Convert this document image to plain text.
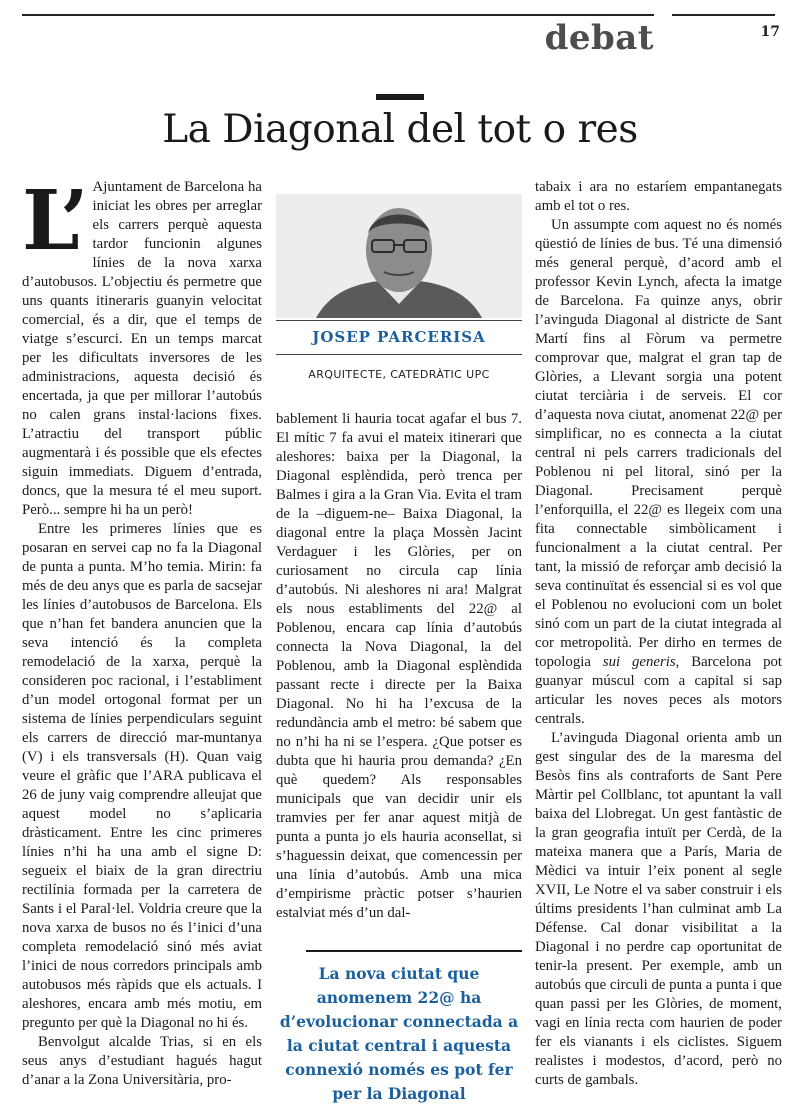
debat	17
La Diagonal del tot o res

L’ Ajuntament de Barcelona ha iniciat les obres per arreglar els carrers perquè aquesta tardor funcionin algunes línies de la nova xarxa d’autobusos. L’objectiu és permetre que uns quants itineraris guanyin velocitat comercial, és a dir, que el temps de viatge s’escurci. En un temps marcat per les dificultats inversores de les administracions, aquesta decisió és encertada, ja que per millorar l’autobús no calen grans instal·lacions fixes. L’atractiu del transport públic augmentarà i és possible que els efectes siguin immediats. Diguem d’entrada, doncs, que la mesura té el meu suport. Però... sempre hi ha un però!

Entre les primeres línies que es posaran en servei cap no fa la Diagonal de punta a punta. M’ho temia. Mirin: fa més de deu anys que es parla de sacsejar les línies d’autobusos de Barcelona. Els que n’han fet bandera anuncien que la seva intenció és la completa remodelació de la xarxa, perquè la consideren poc racional, i l’establiment d’un model ortogonal format per un sistema de línies perpendiculars seguint els carrers de direcció mar-muntanya (V) i els transversals (H). Quan vaig veure el gràfic que l’ARA publicava el 26 de juny vaig comprendre alleujat que aquest model no s’aplicaria dràsticament. Entre les cinc primeres línies n’hi ha una amb el signe D: segueix el biaix de la gran directriu rectilínia formada per la carretera de Sants i el Paral·lel. Voldria creure que la nova xarxa de busos no és l’inici d’una completa remodelació sinó més aviat l’inici de nous corredors principals amb autobusos més ràpids que els actuals. I aleshores, encara amb més motiu, em pregunto per què la Diagonal no hi és.

Benvolgut alcalde Trias, si en els seus anys d’estudiant hagués hagut d’anar a la Zona Universitària, pro-

JOSEP PARCERISA
ARQUITECTE, CATEDRÀTIC UPC

bablement li hauria tocat agafar el bus 7. El mític 7 fa avui el mateix itinerari que aleshores: baixa per la Diagonal, la Diagonal esplèndida, però trenca per Balmes i gira a la Gran Via. Evita el tram de la –diguem-ne– Baixa Diagonal, la diagonal entre la plaça Mossèn Jacint Verdaguer i les Glòries, per on curiosament no circula cap línia d’autobús. Ni aleshores ni ara! Malgrat els nous establiments del 22@ al Poblenou, encara cap línia d’autobús connecta la Nova Diagonal, la del Poblenou, amb la Diagonal esplèndida passant recte i directe per la Baixa Diagonal. No hi ha l’excusa de la redundància amb el metro: bé sabem que no n’hi ha ni se l’espera. ¿Que potser es dubta que hi hauria prou demanda? ¿En què quedem? Als responsables municipals que van decidir unir els tramvies per fer anar aquest mitjà de punta a punta jo els hauria aconsellat, si s’haguessin deixat, que comencessin per una línia d’autobús. Amb una mica d’empirisme pràctic potser s’haurien estalviat més d’un dal-

La nova ciutat que anomenem 22@ ha d’evolucionar connectada a la ciutat central i aquesta connexió només es pot fer per la Diagonal

tabaix i ara no estaríem empantanegats amb el tot o res.

Un assumpte com aquest no és només qüestió de línies de bus. Té una dimensió més general perquè, d’acord amb el professor Kevin Lynch, afecta la imatge de Barcelona. Fa quinze anys, obrir l’avinguda Diagonal al districte de Sant Martí fins al Fòrum va permetre comprovar que, malgrat el gran tap de Glòries, a Llevant sorgia una potent ciutat terciària i de serveis. El cor d’aquesta nova ciutat, anomenat 22@ per simplificar, no es connecta a la ciutat central ni pels carrers tradicionals del Poblenou ni pel litoral, sinó per la Diagonal. Precisament perquè l’enforquilla, el 22@ es llegeix com una fita connectable simbòlicament i funcionalment a la ciutat central. Per tant, la missió de reforçar amb decisió la seva continuïtat és essencial si es vol que el Poblenou no evolucioni com un bolet sinó com un part de la ciutat integrada al cor metropolità. Per dirho en termes de topologia sui generis, Barcelona pot guanyar múscul com a capital si sap articular les noves peces als motors centrals.

L’avinguda Diagonal orienta amb un gest singular des de la maresma del Besòs fins als contraforts de Sant Pere Màrtir pel Collblanc, tot apuntant la vall baixa del Llobregat. Un gest fantàstic de la gran geografia intuït per Cerdà, de la mateixa manera que a París, Maria de Mèdici va intuir l’eix ponent al segle XVII, Le Notre el va saber construir i els últims presidents l’han culminat amb La Défense. Cal donar visibilitat a la Diagonal i no perdre cap oportunitat de tenir-la present. Per exemple, amb un autobús que circuli de punta a punta i que quan passi per les Glòries, de moment, vagi en línia recta com haurien de poder fer els vianants i els ciclistes. Siguem realistes i modestos, d’acord, però no curts de gambals.
